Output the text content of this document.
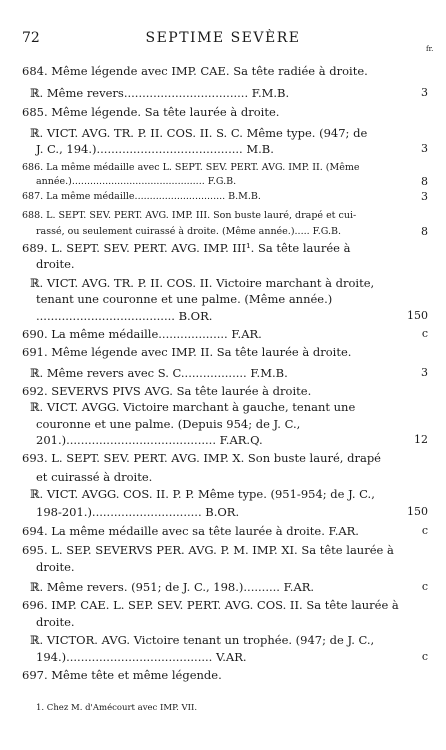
72	SEPTIME SEVÈRE
fr.
684. Même légende avec IMP. CAE. Sa tête radiée à droite.
ℝ. Même revers.................................. F.M.B.	3
685. Même légende. Sa tête laurée à droite.
ℝ. VICT. AVG. TR. P. II. COS. II. S. C. Même type. (947; de
J. C., 194.)........................................ M.B.	3
686. La même médaille avec L. SEPT. SEV. PERT. AVG. IMP. II. (Même
année.)............................................ F.G.B.	8
687. La même médaille.............................. B.M.B.	3
688. L. SEPT. SEV. PERT. AVG. IMP. III. Son buste lauré, drapé et cui-
rassé, ou seulement cuirassé à droite. (Même année.)..... F.G.B.	8
689. L. SEPT. SEV. PERT. AVG. IMP. III¹. Sa tête laurée à
droite.
ℝ. VICT. AVG. TR. P. II. COS. II. Victoire marchant à droite,
tenant une couronne et une palme. (Même année.)
...................................... B.OR.	150
690. La même médaille................... F.AR.	c
691. Même légende avec IMP. II. Sa tête laurée à droite.
ℝ. Même revers avec S. C.................. F.M.B.	3
692. SEVERVS PIVS AVG. Sa tête laurée à droite.
ℝ. VICT. AVGG. Victoire marchant à gauche, tenant une
couronne et une palme. (Depuis 954; de J. C.,
201.)......................................... F.AR.Q.	12
693. L. SEPT. SEV. PERT. AVG. IMP. X. Son buste lauré, drapé
et cuirassé à droite.
ℝ. VICT. AVGG. COS. II. P. P. Même type. (951-954; de J. C.,
198-201.).............................. B.OR.	150
694. La même médaille avec sa tête laurée à droite. F.AR.	c
695. L. SEP. SEVERVS PER. AVG. P. M. IMP. XI. Sa tête laurée à
droite.
ℝ. Même revers. (951; de J. C., 198.).......... F.AR.	c
696. IMP. CAE. L. SEP. SEV. PERT. AVG. COS. II. Sa tête laurée à
droite.
ℝ. VICTOR. AVG. Victoire tenant un trophée. (947; de J. C.,
194.)........................................ V.AR.	c
697. Même tête et même légende.
1. Chez M. d'Amécourt avec IMP. VII.
